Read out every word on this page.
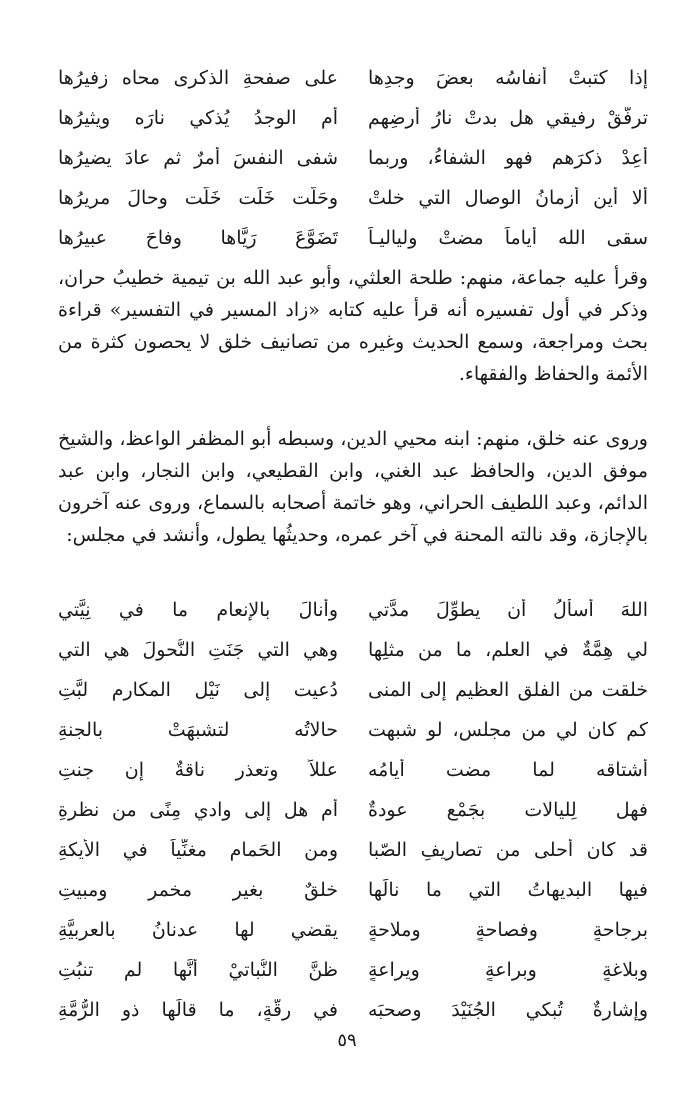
إذا كتبتْ أنفاسُه بعضَ وجدِها
على صفحةِ الذكرى محاه زفيرُها
ترفَّقْ رفيقي هل بدتْ نارُ أرضِهم
أم الوجدُ يُذكي نارَه ويثيرُها
أَعِدْ ذكرَهم فهو الشفاءُ، وربما
شفى النفسَ أمرٌ ثم عادَ يضيرُها
ألا أين أزمانُ الوصال التي خلتْ
وحَلّت خَلَت خَلّت وحالَ مريرُها
سقى الله أياماً مضتْ ولياليـاً
تَضَوَّعَ رَيَّاها وفاحَ عبيرُها
وقرأ عليه جماعة، منهم: طلحة العلثي، وأبو عبد الله بن تيمية خطيبُ حران، وذكر في أول تفسيره أنه قرأ عليه كتابه «زاد المسير في التفسير» قراءة بحث ومراجعة، وسمع الحديث وغيره من تصانيف خلق لا يحصون كثرة من الأئمة والحفاظ والفقهاء.
وروى عنه خلق، منهم: ابنه محيي الدين، وسبطه أبو المظفر الواعظ، والشيخ موفق الدين، والحافظ عبد الغني، وابن القطيعي، وابن النجار، وابن عبد الدائم، وعبد اللطيف الحراني، وهو خاتمة أصحابه بالسماع، وروى عنه آخرون بالإجازة، وقد نالته المحنة في آخر عمره، وحديثُها يطول، وأنشد في مجلس:
اللهَ أسألُ أن يطوِّلَ مدَّتي
وأنالَ بالإنعام ما في نِيَّتي
لي هِمَّةٌ في العلم، ما من مثلِها
وهي التي جَنَتِ النُّحولَ هي التي
خلقت من الفلق العظيم إلى المنى
دُعيت إلى نَيْل المكارم لبَّتِ
كم كان لي من مجلسٍ، لو شبهت
حالاتُه لتشبهَتْ بالجنةِ
أشتاقه لما مضت أيامُه
عللاً وتعذر ناقةٌ إن جنتِ
فهل لِليالات بجَمْعٍ عودةٌ
أم هل إلى وادي مِنًى من نظرةِ
قد كان أحلى من تصاريفِ الصّبا
ومن الحَمام مغنِّياً في الأيكةِ
فيها البديهاتُ التي ما نالَها
خلقٌ بغير مخمرٍ ومبيتِ
برجاحةٍ وفصاحةٍ وملاحةٍ
يقضي لها عدنانُ بالعربيَّةِ
وبلاغةٍ وبراعةٍ ويراعةٍ
ظنَّ النُّباتيْ أنَّها لم تنبُتِ
وإشارةٌ تُبكي الجُنَيْدَ وصحبَه
في رِقَّةٍ، ما قالَها ذو الرُّمَّةِ
٥٩
